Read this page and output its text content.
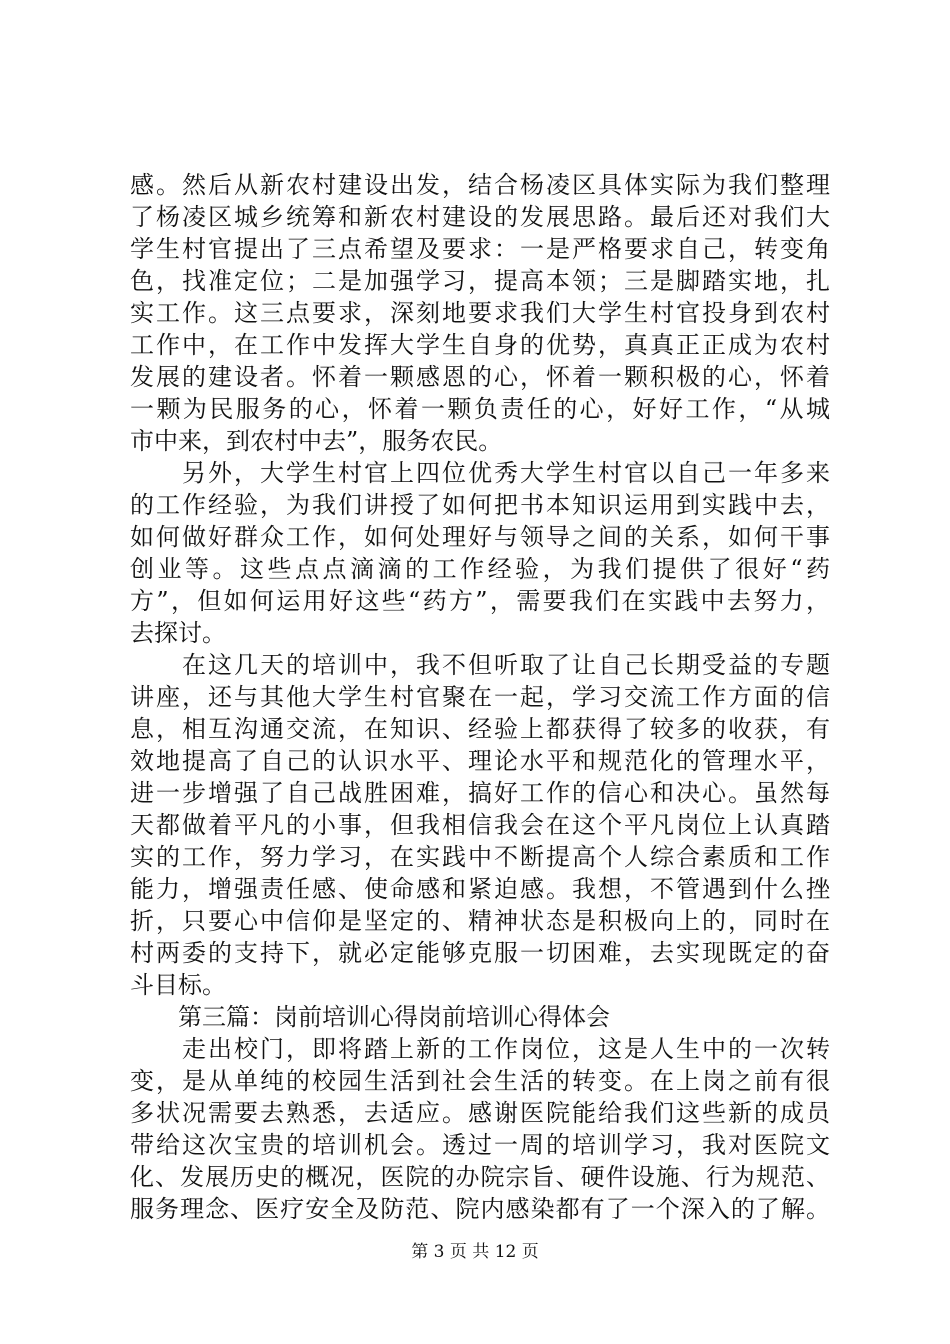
感。然后从新农村建设出发，结合杨凌区具体实际为我们整理
了杨凌区城乡统筹和新农村建设的发展思路。最后还对我们大
学生村官提出了三点希望及要求：一是严格要求自己，转变角
色，找准定位；二是加强学习，提高本领；三是脚踏实地，扎
实工作。这三点要求，深刻地要求我们大学生村官投身到农村
工作中，在工作中发挥大学生自身的优势，真真正正成为农村
发展的建设者。怀着一颗感恩的心，怀着一颗积极的心，怀着
一颗为民服务的心，怀着一颗负责任的心，好好工作，“从城
市中来，到农村中去”，服务农民。
　　另外，大学生村官上四位优秀大学生村官以自己一年多来
的工作经验，为我们讲授了如何把书本知识运用到实践中去，
如何做好群众工作，如何处理好与领导之间的关系，如何干事
创业等。这些点点滴滴的工作经验，为我们提供了很好“药
方”，但如何运用好这些“药方”，需要我们在实践中去努力，
去探讨。
　　在这几天的培训中，我不但听取了让自己长期受益的专题
讲座，还与其他大学生村官聚在一起，学习交流工作方面的信
息，相互沟通交流，在知识、经验上都获得了较多的收获，有
效地提高了自己的认识水平、理论水平和规范化的管理水平，
进一步增强了自己战胜困难，搞好工作的信心和决心。虽然每
天都做着平凡的小事，但我相信我会在这个平凡岗位上认真踏
实的工作，努力学习，在实践中不断提高个人综合素质和工作
能力，增强责任感、使命感和紧迫感。我想，不管遇到什么挫
折，只要心中信仰是坚定的、精神状态是积极向上的，同时在
村两委的支持下，就必定能够克服一切困难，去实现既定的奋
斗目标。
　　第三篇：岗前培训心得岗前培训心得体会
　　走出校门，即将踏上新的工作岗位，这是人生中的一次转
变，是从单纯的校园生活到社会生活的转变。在上岗之前有很
多状况需要去熟悉，去适应。感谢医院能给我们这些新的成员
带给这次宝贵的培训机会。透过一周的培训学习，我对医院文
化、发展历史的概况，医院的办院宗旨、硬件设施、行为规范、
服务理念、医疗安全及防范、院内感染都有了一个深入的了解。
第 3 页 共 12 页
